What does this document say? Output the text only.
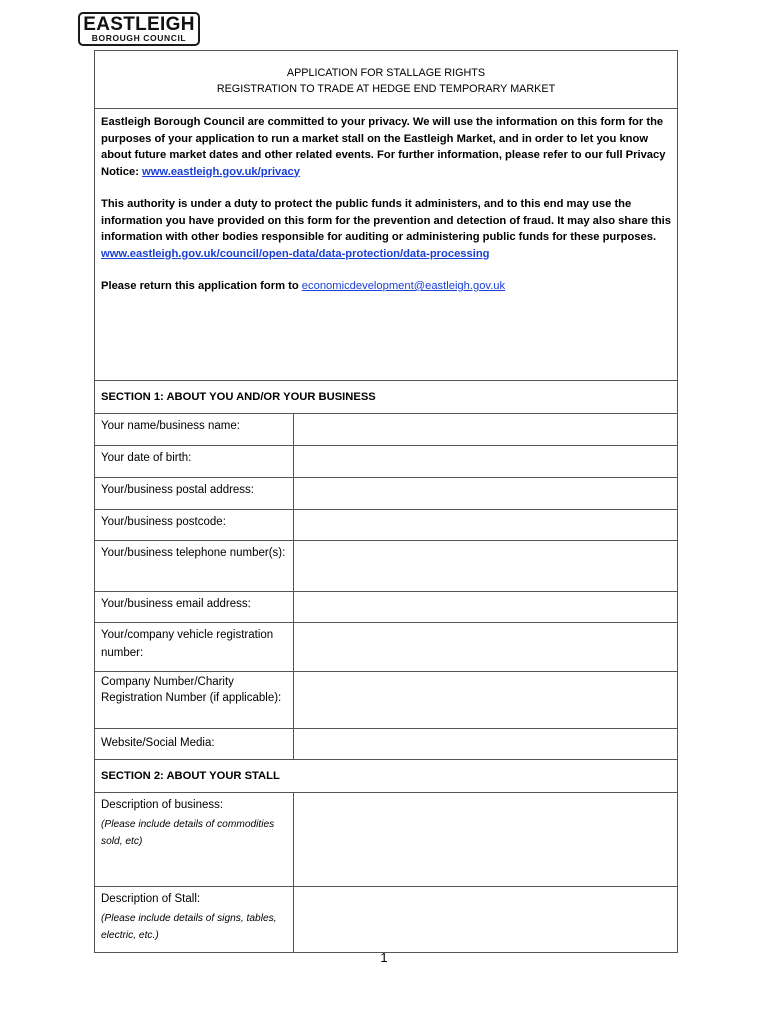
EASTLEIGH
BOROUGH COUNCIL
APPLICATION FOR STALLAGE RIGHTS
REGISTRATION TO TRADE AT HEDGE END TEMPORARY MARKET	

Eastleigh Borough Council are committed to your privacy. We will use the information on this form for the purposes of your application to run a market stall on the Eastleigh Market, and in order to let you know about future market dates and other related events. For further information, please refer to our full Privacy Notice: www.eastleigh.gov.uk/privacy

This authority is under a duty to protect the public funds it administers, and to this end may use the information you have provided on this form for the prevention and detection of fraud. It may also share this information with other bodies responsible for auditing or administering public funds for these purposes. www.eastleigh.gov.uk/council/open-data/data-protection/data-processing

Please return this application form to economicdevelopment@eastleigh.gov.uk	

SECTION 1: ABOUT YOU AND/OR YOUR BUSINESS	
Your name/business name:	
Your date of birth:	
Your/business postal address:	
Your/business postcode:	
Your/business telephone number(s):	
Your/business email address:	
Your/company vehicle registration number:	
Company Number/Charity Registration Number (if applicable):	
Website/Social Media:	
SECTION 2: ABOUT YOUR STALL	
Description of business:
(Please include details of commodities sold, etc)	

Description of Stall:
(Please include details of signs, tables, electric, etc.)	

1
